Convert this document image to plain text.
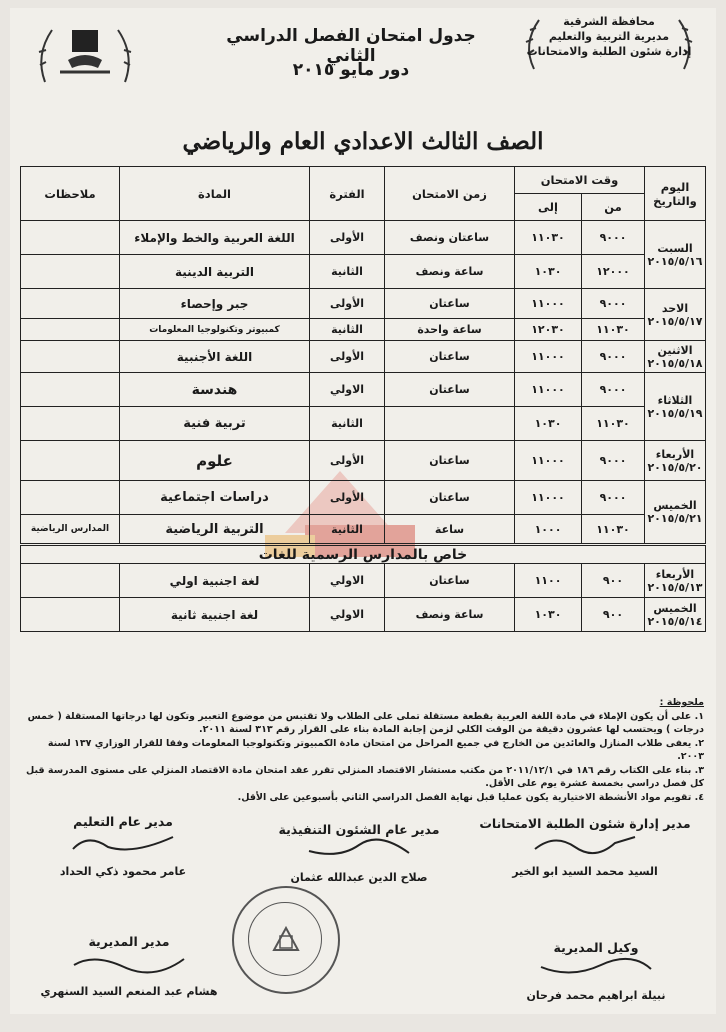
محافظة الشرقية
مديرية التربية والتعليم
إدارة شئون الطلبة والامتحانات
جدول امتحان الفصل الدراسي الثاني
دور مايو ٢٠١٥
الصف الثالث الاعدادي العام والرياضي
اليوم والتاريخ	وقت الامتحان		زمن الامتحان	الفترة	المادة	ملاحظات
	من	إلى				

السبت
٢٠١٥/٥/١٦	٩٠٠٠	١١٠٣٠	ساعتان ونصف	الأولى	اللغة العربية والخط والإملاء	
	١٢٠٠٠	١٠٣٠	ساعة ونصف	الثانية	التربية الدينية	

الاحد
٢٠١٥/٥/١٧	٩٠٠٠	١١٠٠٠	ساعتان	الأولى	جبر وإحصاء	
	١١٠٣٠	١٢٠٣٠	ساعة واحدة	الثانية	كمبيوتر وتكنولوجيا المعلومات	

الاثنين
٢٠١٥/٥/١٨	٩٠٠٠	١١٠٠٠	ساعتان	الأولى	اللغة الأجنبية	

الثلاثاء
٢٠١٥/٥/١٩	٩٠٠٠	١١٠٠٠	ساعتان	الاولي	هندسة	
	١١٠٣٠	١٠٣٠		الثانية	تربية فنية	

الأربعاء
٢٠١٥/٥/٢٠	٩٠٠٠	١١٠٠٠	ساعتان	الأولى	علوم	

الخميس
٢٠١٥/٥/٢١	٩٠٠٠	١١٠٠٠	ساعتان	الأولى	دراسات اجتماعية	
	١١٠٣٠	١٠٠٠	ساعة	الثانية	التربية الرياضية	المدارس الرياضية
خاص بالمدارس الرسمية للغات						

الأربعاء
٢٠١٥/٥/١٣	٩٠٠	١١٠٠	ساعتان	الاولي	لغة اجنبية اولي	

الخميس
٢٠١٥/٥/١٤	٩٠٠	١٠٣٠	ساعة ونصف	الاولي	لغة اجنبية ثانية	
ملحوظة :
١. على أن يكون الإملاء في مادة اللغة العربية بقطعة مستقلة تملى على الطلاب ولا تقتبس من موضوع التعبير وتكون لها درجاتها المستقلة ( خمس درجات ) ويحتسب لها عشرون دقيقة من الوقت الكلي لزمن إجابة المادة بناء على القرار رقم ٣١٣ لسنة ٢٠١١.
٢. يعفى طلاب المنازل والعائدين من الخارج في جميع المراحل من امتحان مادة الكمبيوتر وتكنولوجيا المعلومات وفقا للقرار الوزاري ١٣٧ لسنة ٢٠٠٣.
٣. بناء على الكتاب رقم ١٨٦ في ٢٠١١/١٢/١ من مكتب مستشار الاقتصاد المنزلي تقرر عقد امتحان مادة الاقتصاد المنزلي على مستوى المدرسة قبل كل فصل دراسي بخمسة عشرة يوم على الأقل.
٤. تقويم مواد الأنشطة الاختيارية يكون عمليا قبل نهاية الفصل الدراسي الثاني بأسبوعين على الأقل.
مدير إدارة شئون الطلبة الامتحانات
السيد محمد السيد ابو الخير
مدير عام الشئون التنفيذية
صلاح الدين عبدالله عثمان
مدير عام التعليم
عامر محمود ذكي الحداد
وكيل المديرية
نبيلة ابراهيم محمد فرحان
مدير المديرية
هشام عبد المنعم السيد السنهري
